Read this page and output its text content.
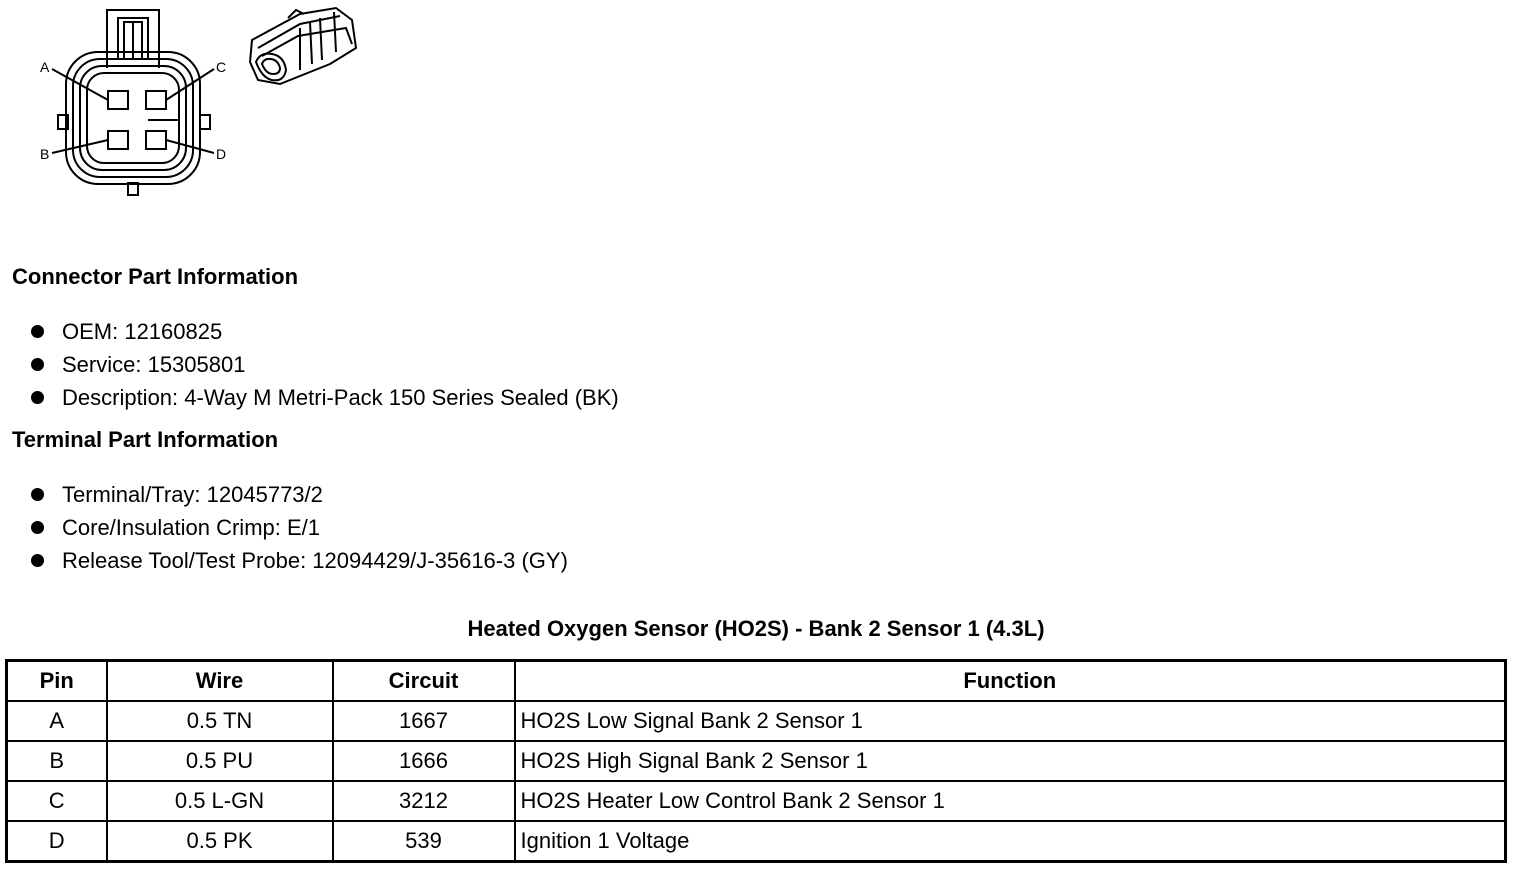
A
B
C
D
Connector Part Information
OEM: 12160825
Service: 15305801
Description: 4-Way M Metri-Pack 150 Series Sealed (BK)
Terminal Part Information
Terminal/Tray: 12045773/2
Core/Insulation Crimp: E/1
Release Tool/Test Probe: 12094429/J-35616-3 (GY)
Heated Oxygen Sensor (HO2S) - Bank 2 Sensor 1 (4.3L)
Pin	Wire	Circuit	Function
A	0.5 TN	1667	HO2S Low Signal Bank 2 Sensor 1
B	0.5 PU	1666	HO2S High Signal Bank 2 Sensor 1
C	0.5 L-GN	3212	HO2S Heater Low Control Bank 2 Sensor 1
D	0.5 PK	539	Ignition 1 Voltage
